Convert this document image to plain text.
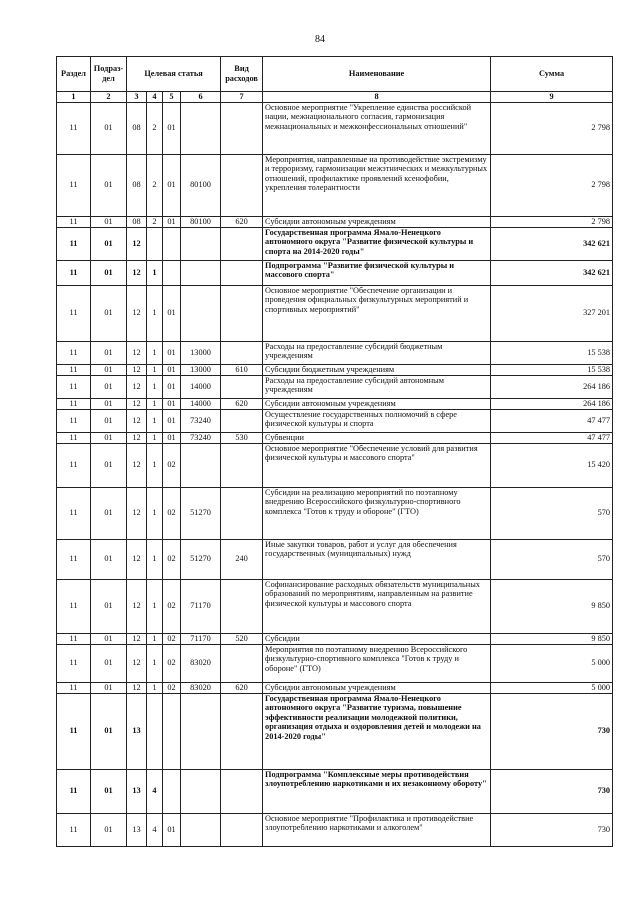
84
Раздел	Подраз-дел	Целевая статья				Вид расходов	Наименование	Сумма
1	2	3	4	5	6	7	8	9
11	01	08	2	01			Основное мероприятие "Укрепление единства российской нации, межнационального согласия, гармонизация межнациональных и межконфессиональных отношений"	2 798
11	01	08	2	01	80100		Мероприятия, направленные на противодействие экстремизму и терроризму, гармонизации межэтнических и межкультурных отношений, профилактике проявлений ксенофобии, укрепления толерантности	2 798
11	01	08	2	01	80100	620	Субсидии автономным учреждениям	2 798
11	01	12					Государственная программа Ямало-Ненецкого автономного округа "Развитие физической культуры и спорта на 2014-2020 годы"	342 621
11	01	12	1				Подпрограмма "Развитие физической культуры и массового спорта"	342 621
11	01	12	1	01			Основное мероприятие "Обеспечение организации и проведения официальных физкультурных мероприятий и спортивных мероприятий"	327 201
11	01	12	1	01	13000		Расходы на предоставление субсидий бюджетным учреждениям	15 538
11	01	12	1	01	13000	610	Субсидии бюджетным учреждениям	15 538
11	01	12	1	01	14000		Расходы на предоставление субсидий автономным учреждениям	264 186
11	01	12	1	01	14000	620	Субсидии автономным учреждениям	264 186
11	01	12	1	01	73240		Осуществление государственных полномочий в сфере физической культуры и спорта	47 477
11	01	12	1	01	73240	530	Субвенции	47 477
11	01	12	1	02			Основное мероприятие "Обеспечение условий для развития физической культуры и массового спорта"	15 420
11	01	12	1	02	51270		Субсидии на реализацию мероприятий по поэтапному внедрению Всероссийского физкультурно-спортивного комплекса "Готов к труду и обороне" (ГТО)	570
11	01	12	1	02	51270	240	Иные закупки товаров, работ и услуг для обеспечения государственных (муниципальных) нужд	570
11	01	12	1	02	71170		Софинансирование расходных обязательств муниципальных образований по мероприятиям, направленным на развитие физической культуры и массового спорта	9 850
11	01	12	1	02	71170	520	Субсидии	9 850
11	01	12	1	02	83020		Мероприятия по поэтапному внедрению Всероссийского физкультурно-спортивного комплекса "Готов к труду и обороне" (ГТО)	5 000
11	01	12	1	02	83020	620	Субсидии автономным учреждениям	5 000
11	01	13					Государственная программа Ямало-Ненецкого автономного округа "Развитие туризма, повышение эффективности реализации молодежной политики, организация отдыха и оздоровления детей и молодежи на 2014-2020 годы"	730
11	01	13	4				Подпрограмма "Комплексные меры противодействия злоупотреблению наркотиками и их незаконному обороту"	730
11	01	13	4	01			Основное мероприятие "Профилактика и противодействие злоупотреблению наркотиками и алкоголем"	730
